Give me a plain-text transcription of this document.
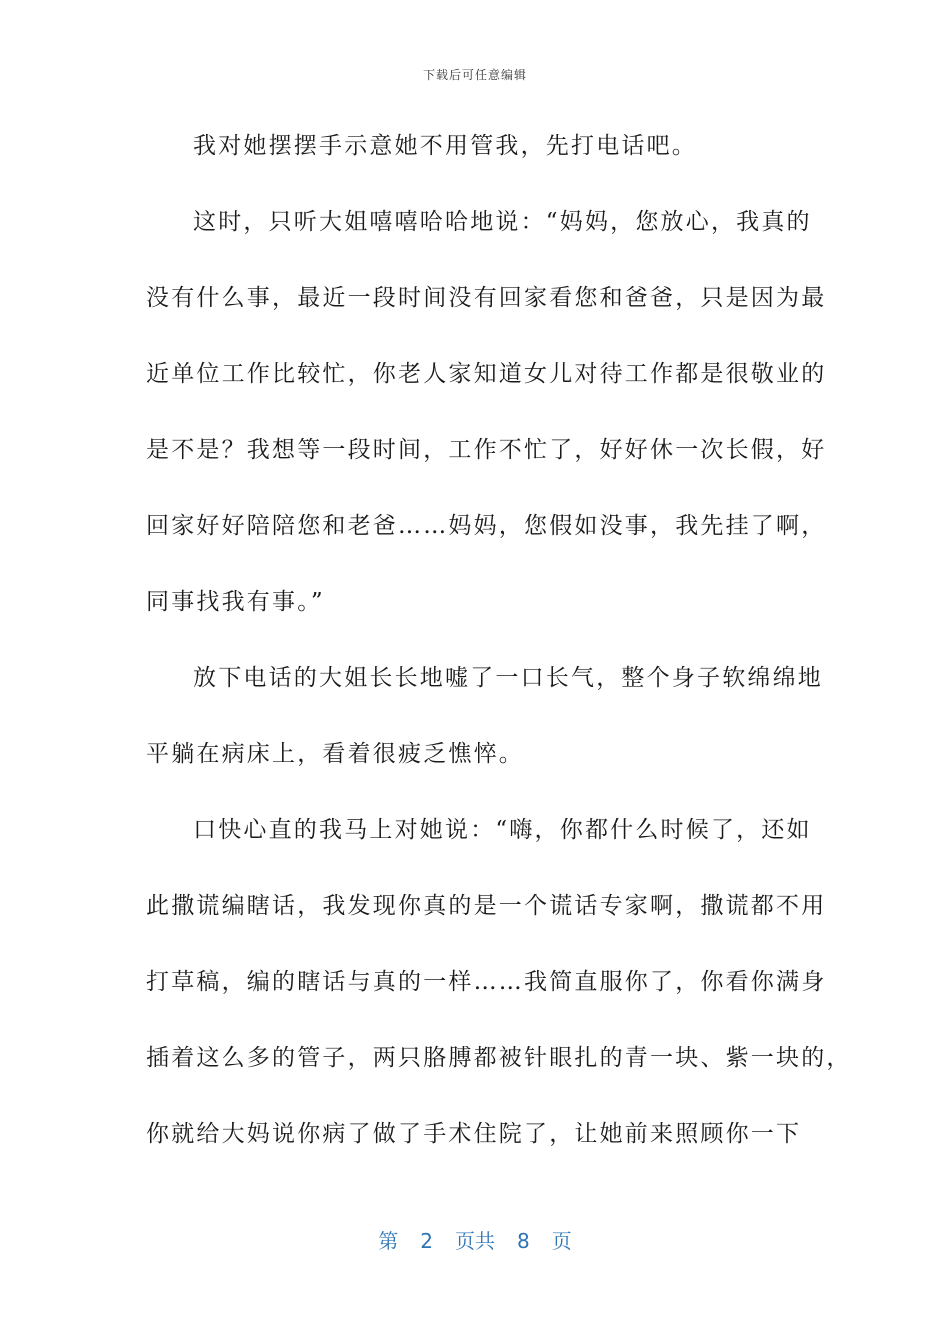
下载后可任意编辑
我对她摆摆手示意她不用管我，先打电话吧。
这时，只听大姐嘻嘻哈哈地说：“妈妈，您放心，我真的
没有什么事，最近一段时间没有回家看您和爸爸，只是因为最
近单位工作比较忙，你老人家知道女儿对待工作都是很敬业的
是不是？我想等一段时间，工作不忙了，好好休一次长假，好
回家好好陪陪您和老爸……妈妈，您假如没事，我先挂了啊，
同事找我有事。”
放下电话的大姐长长地嘘了一口长气，整个身子软绵绵地
平躺在病床上，看着很疲乏憔悴。
口快心直的我马上对她说：“嗨，你都什么时候了，还如
此撒谎编瞎话，我发现你真的是一个谎话专家啊，撒谎都不用
打草稿，编的瞎话与真的一样……我简直服你了，你看你满身
插着这么多的管子，两只胳膊都被针眼扎的青一块、紫一块的，
你就给大妈说你病了做了手术住院了，让她前来照顾你一下
第 2 页共 8 页
